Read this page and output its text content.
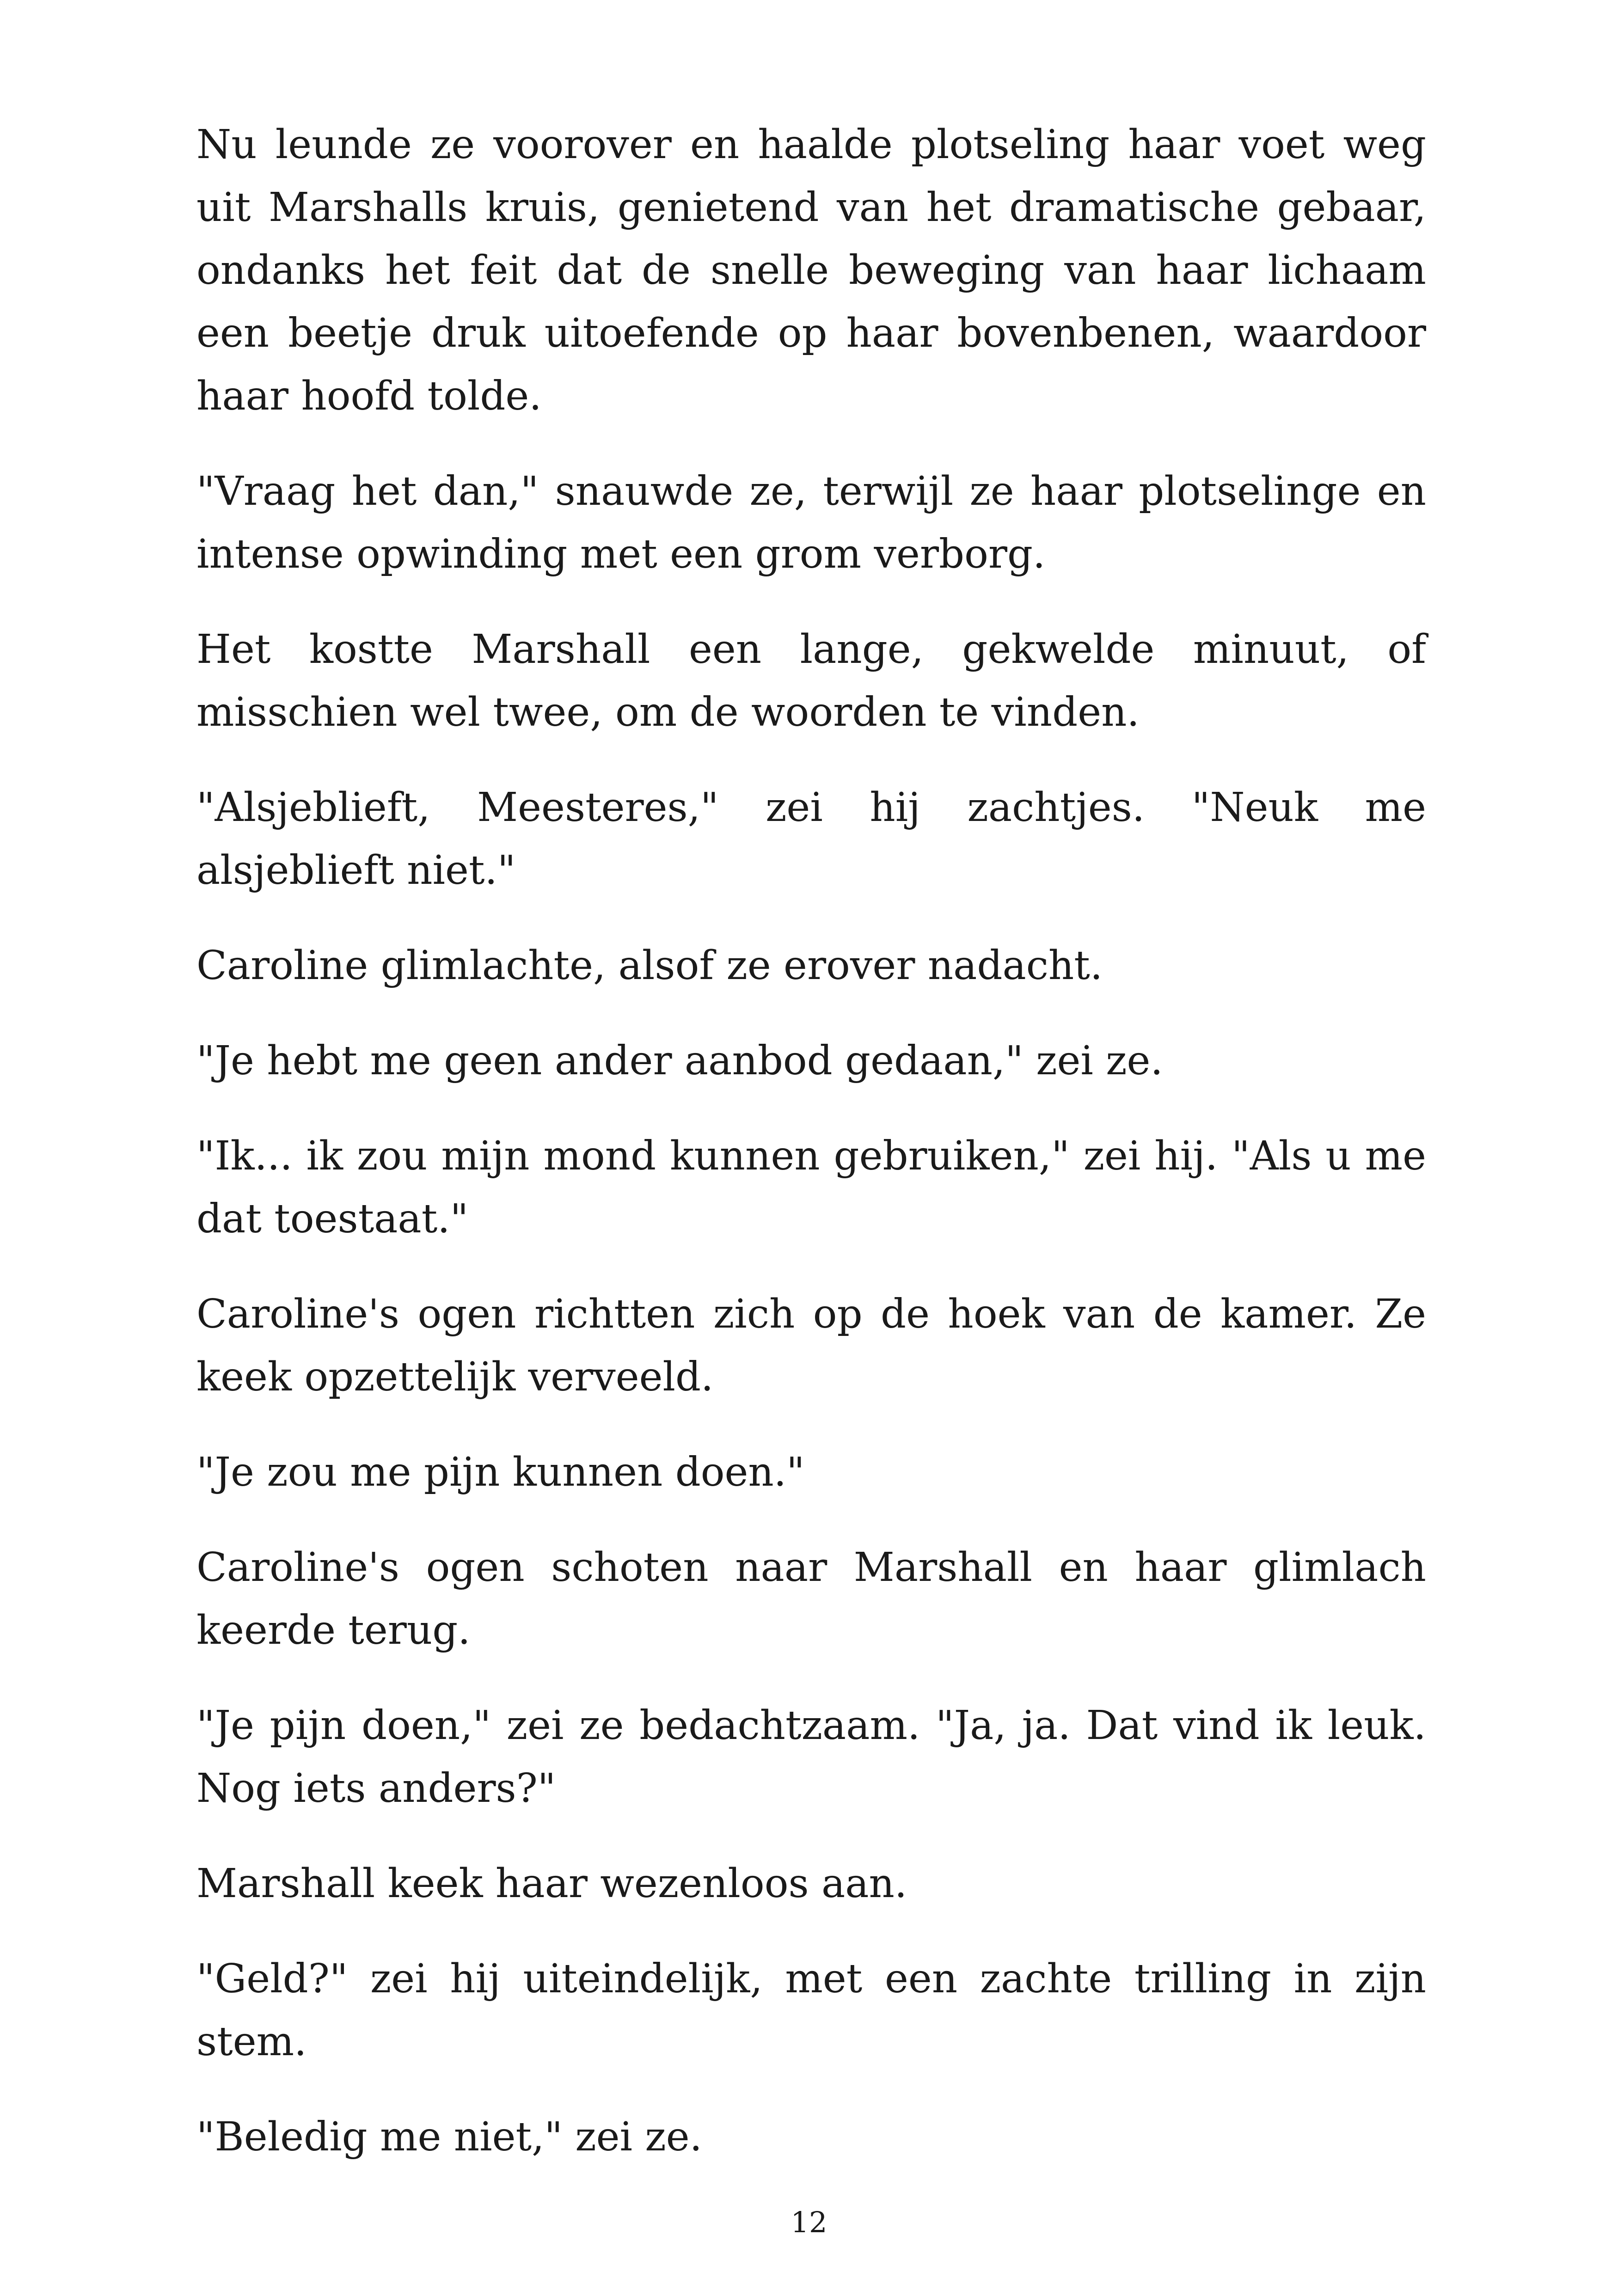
Nu leunde ze voorover en haalde plotseling haar voet weg uit Marshalls kruis, genietend van het dramatische gebaar, ondanks het feit dat de snelle beweging van haar lichaam een beetje druk uitoefende op haar bovenbenen, waardoor haar hoofd tolde.

"Vraag het dan," snauwde ze, terwijl ze haar plotselinge en intense opwinding met een grom verborg.

Het kostte Marshall een lange, gekwelde minuut, of misschien wel twee, om de woorden te vinden.

"Alsjeblieft, Meesteres," zei hij zachtjes. "Neuk me alsjeblieft niet."

Caroline glimlachte, alsof ze erover nadacht.

"Je hebt me geen ander aanbod gedaan," zei ze.

"Ik... ik zou mijn mond kunnen gebruiken," zei hij. "Als u me dat toestaat."

Caroline's ogen richtten zich op de hoek van de kamer. Ze keek opzettelijk verveeld.

"Je zou me pijn kunnen doen."

Caroline's ogen schoten naar Marshall en haar glimlach keerde terug.

"Je pijn doen," zei ze bedachtzaam. "Ja, ja. Dat vind ik leuk. Nog iets anders?"

Marshall keek haar wezenloos aan.

"Geld?" zei hij uiteindelijk, met een zachte trilling in zijn stem.

"Beledig me niet," zei ze.

12
